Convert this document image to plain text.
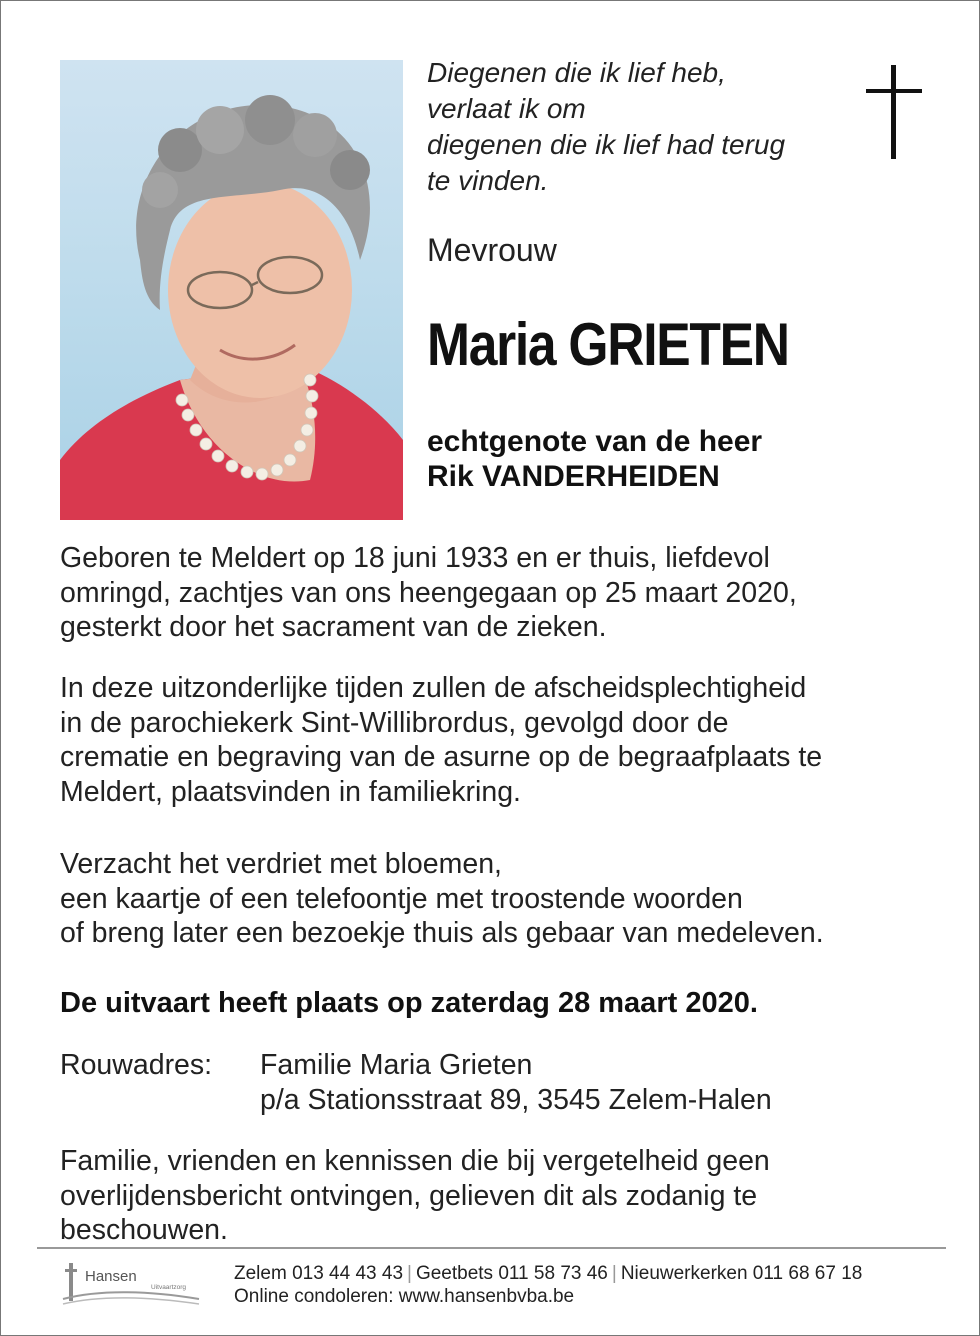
Diegenen die ik lief heb,
verlaat ik om
diegenen die ik lief had terug
te vinden.
Mevrouw
Maria GRIETEN
echtgenote van de heer
Rik VANDERHEIDEN
Geboren te Meldert op 18 juni 1933 en er thuis, liefdevol
omringd, zachtjes van ons heengegaan op 25 maart 2020,
gesterkt door het sacrament van de zieken.
In deze uitzonderlijke tijden zullen de afscheidsplechtigheid
in de parochiekerk Sint-Willibrordus, gevolgd door de
crematie en begraving van de asurne op de begraafplaats te
Meldert, plaatsvinden in familiekring.
Verzacht het verdriet met bloemen,
een kaartje of een telefoontje met troostende woorden
of breng later een bezoekje thuis als gebaar van medeleven.
De uitvaart heeft plaats op zaterdag 28 maart 2020.
Rouwadres: Familie Maria Grieten
p/a Stationsstraat 89, 3545 Zelem-Halen
Familie, vrienden en kennissen die bij vergetelheid geen
overlijdensbericht ontvingen, gelieven dit als zodanig te
beschouwen.
Hansen
Uitvaartzorg
Zelem 013 44 43 43 | Geetbets 011 58 73 46 | Nieuwerkerken 011 68 67 18
Online condoleren: www.hansenbvba.be
